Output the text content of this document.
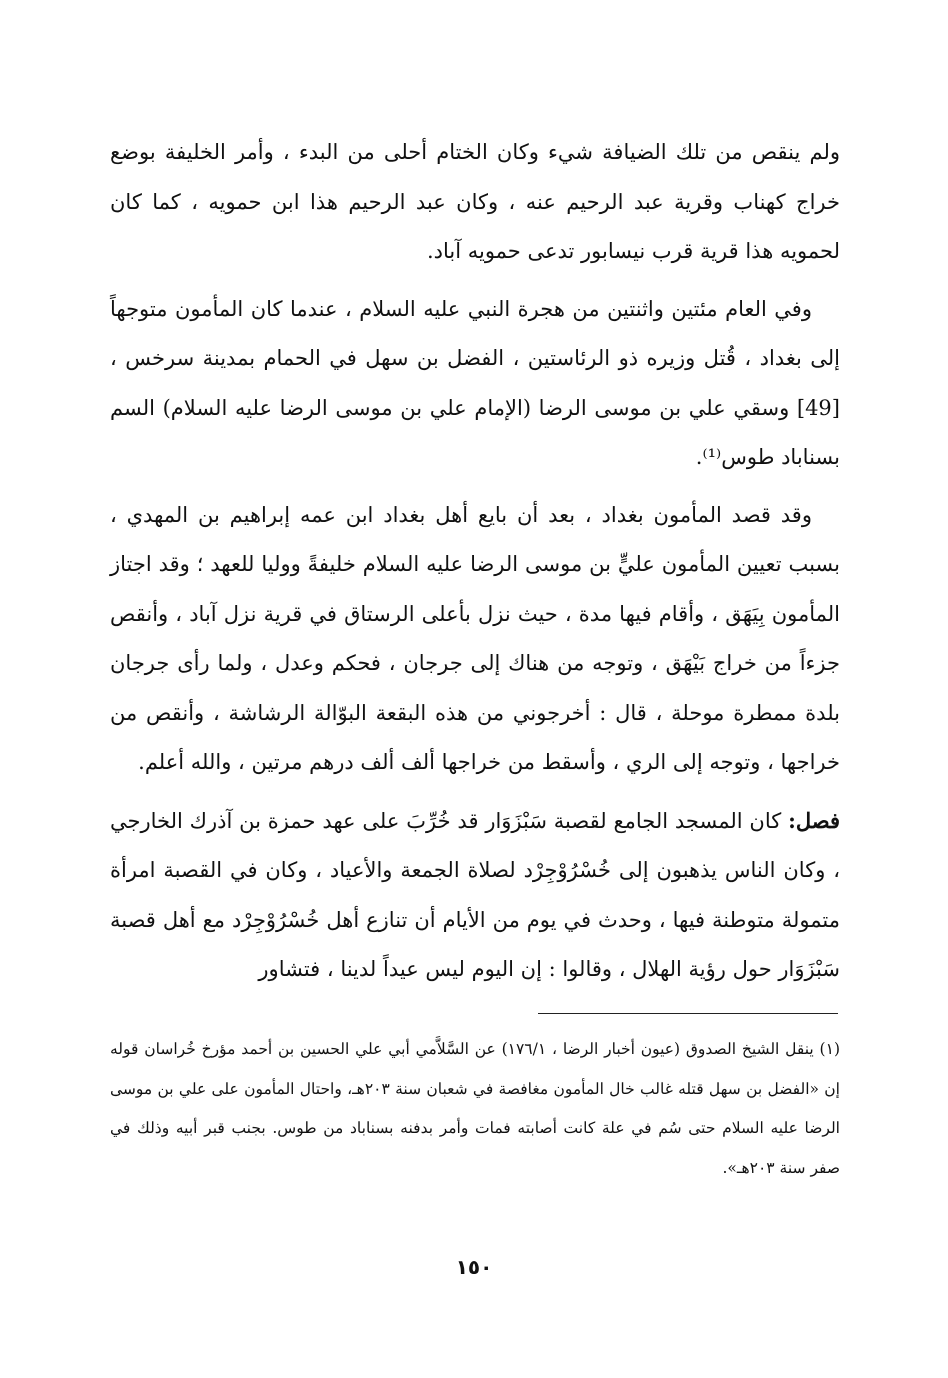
ولم ينقص من تلك الضيافة شيء وكان الختام أحلى من البدء ، وأمر الخليفة بوضع خراج كهناب وقرية عبد الرحيم عنه ، وكان عبد الرحيم هذا ابن حمويه ، كما كان لحمويه هذا قرية قرب نيسابور تدعى حمويه آباد.

وفي العام مئتين واثنتين من هجرة النبي عليه السلام ، عندما كان المأمون متوجهاً إلى بغداد ، قُتل وزيره ذو الرئاستين ، الفضل بن سهل في الحمام بمدينة سرخس ، [49] وسقي علي بن موسى الرضا (الإمام علي بن موسى الرضا عليه السلام) السم بسناباد طوس⁽¹⁾.

وقد قصد المأمون بغداد ، بعد أن بايع أهل بغداد ابن عمه إبراهيم بن المهدي ، بسبب تعيين المأمون عليٍّ بن موسى الرضا عليه السلام خليفةً ووليا للعهد ؛ وقد اجتاز المأمون بِيَهَق ، وأقام فيها مدة ، حيث نزل بأعلى الرستاق في قرية نزل آباد ، وأنقص جزءاً من خراج بَيْهَق ، وتوجه من هناك إلى جرجان ، فحكم وعدل ، ولما رأى جرجان بلدة ممطرة موحلة ، قال : أخرجوني من هذه البقعة البوّالة الرشاشة ، وأنقص من خراجها ، وتوجه إلى الري ، وأسقط من خراجها ألف ألف درهم مرتين ، والله أعلم.

فصل: كان المسجد الجامع لقصبة سَبْزَوَار قد خُرِّبَ على عهد حمزة بن آذرك الخارجي ، وكان الناس يذهبون إلى خُسْرُوْجِرْد لصلاة الجمعة والأعياد ، وكان في القصبة امرأة متمولة متوطنة فيها ، وحدث في يوم من الأيام أن تنازع أهل خُسْرُوْجِرْد مع أهل قصبة سَبْزَوَار حول رؤية الهلال ، وقالوا : إن اليوم ليس عيداً لدينا ، فتشاور

(١) ينقل الشيخ الصدوق (عيون أخبار الرضا ، ١٧٦/١) عن السَّلاَّمي أبي علي الحسين بن أحمد مؤرخ خُراسان قوله إن «الفضل بن سهل قتله غالب خال المأمون مغافصة في شعبان سنة ٢٠٣هـ، واحتال المأمون على علي بن موسى الرضا عليه السلام حتى سُم في علة كانت أصابته فمات وأمر بدفنه بسناباد من طوس. بجنب قبر أبيه وذلك في صفر سنة ٢٠٣هـ».

١٥٠
